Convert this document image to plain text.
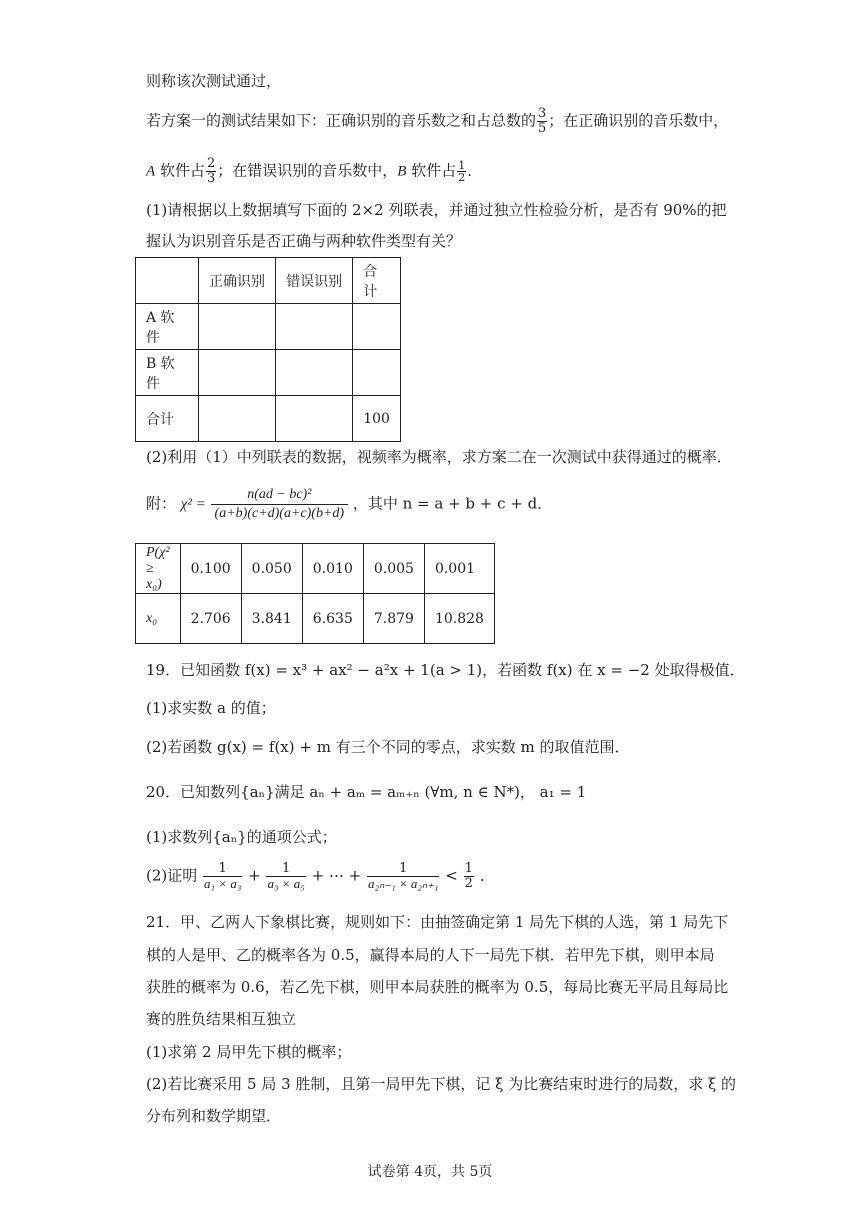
则称该次测试通过，
若方案一的测试结果如下：正确识别的音乐数之和占总数的 $\frac{3}{5}$ ；在正确识别的音乐数中，
A 软件占 $\frac{2}{3}$ ；在错误识别的音乐数中，B 软件占 $\frac{1}{2}$ ．
(1)请根据以上数据填写下面的 2×2 列联表，并通过独立性检验分析，是否有 90%的把
握认为识别音乐是否正确与两种软件类型有关？
	正确识别	错误识别	合计
A 软件			
B 软件			
合计			100
(2)利用（1）中列联表的数据，视频率为概率，求方案二在一次测试中获得通过的概率．
附： $\chi^2 = \frac{\text{n(ad − bc)²}}{(a+b)(c+d)(a+c)(b+d)}$ ，其中 n = a + b + c + d．
P(χ² ≥ x₀)	0.100	0.050	0.010	0.005	0.001
x₀	2.706	3.841	6.635	7.879	10.828
19．已知函数 f(x) = x³ + ax² − a²x + 1(a > 1)，若函数 f(x) 在 x = −2 处取得极值．
(1)求实数 a 的值；
(2)若函数 g(x) = f(x) + m 有三个不同的零点，求实数 m 的取值范围．
20．已知数列{aₙ}满足 aₙ + aₘ = aₘ₊ₙ (∀m, n ∈ N*)， a₁ = 1
(1)求数列{aₙ}的通项公式；
(2)证明 $\frac{1}{\text{a₁ × a₃}} + \frac{1}{\text{a₃ × a₅}}$ + ⋯ + $\frac{1}{\text{a₂ₙ₋₁ × a₂ₙ₊₁}} < \frac{1}{2}$ ．
21．甲、乙两人下象棋比赛，规则如下：由抽签确定第 1 局先下棋的人选，第 1 局先下
棋的人是甲、乙的概率各为 0.5，赢得本局的人下一局先下棋．若甲先下棋，则甲本局
获胜的概率为 0.6，若乙先下棋，则甲本局获胜的概率为 0.5，每局比赛无平局且每局比
赛的胜负结果相互独立
(1)求第 2 局甲先下棋的概率；
(2)若比赛采用 5 局 3 胜制，且第一局甲先下棋，记 ξ 为比赛结束时进行的局数，求 ξ 的
分布列和数学期望．
试卷第 4页，共 5页
